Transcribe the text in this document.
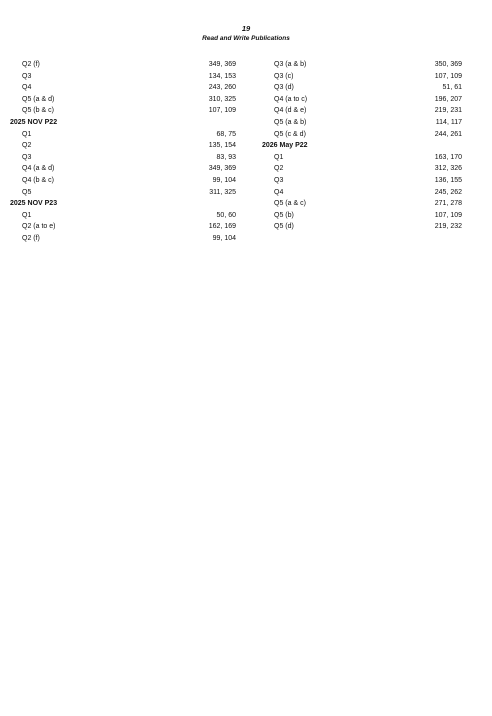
19
Read and Write Publications
Q2 (f)	349, 369
Q3	134, 153
Q4	243, 260
Q5 (a & d)	310, 325
Q5 (b & c)	107, 109
2025 NOV P22
Q1	68, 75
Q2	135, 154
Q3	83, 93
Q4 (a & d)	349, 369
Q4 (b & c)	99, 104
Q5	311, 325
2025 NOV P23
Q1	50, 60
Q2 (a to e)	162, 169
Q2 (f)	99, 104
Q3 (a & b)	350, 369
Q3 (c)	107, 109
Q3 (d)	51, 61
Q4 (a to c)	196, 207
Q4 (d & e)	219, 231
Q5 (a & b)	114, 117
Q5 (c & d)	244, 261
2026 May P22
Q1	163, 170
Q2	312, 326
Q3	136, 155
Q4	245, 262
Q5 (a & c)	271, 278
Q5 (b)	107, 109
Q5 (d)	219, 232
